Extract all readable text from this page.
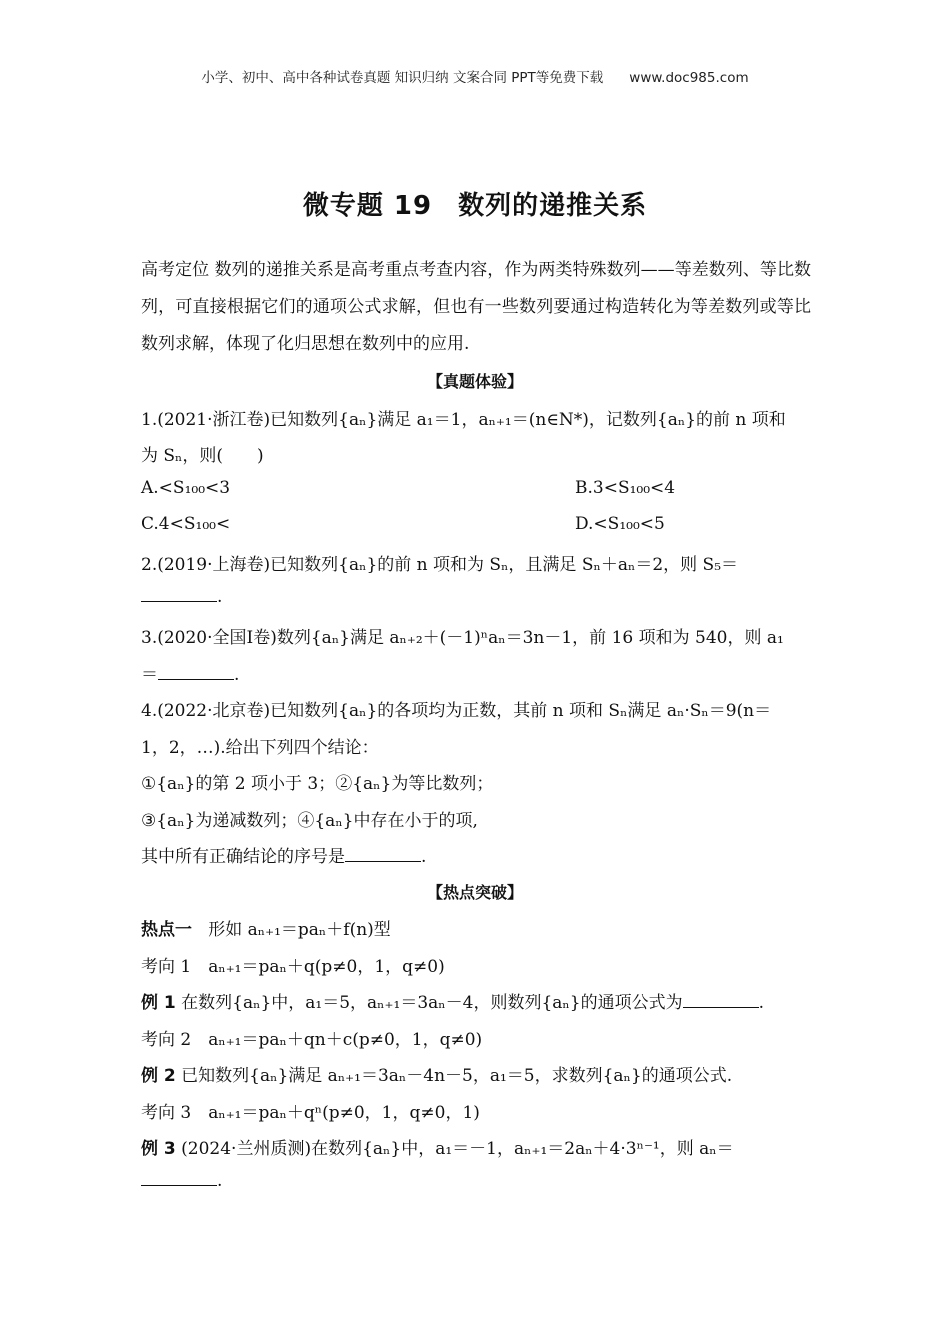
小学、初中、高中各种试卷真题 知识归纳 文案合同 PPT等免费下载 www.doc985.com
微专题 19 数列的递推关系

高考定位 数列的递推关系是高考重点考查内容，作为两类特殊数列——等差数列、等比数列，可直接根据它们的通项公式求解，但也有一些数列要通过构造转化为等差数列或等比数列求解，体现了化归思想在数列中的应用.

【真题体验】
1.(2021·浙江卷)已知数列{aₙ}满足 a₁＝1，aₙ₊₁＝(n∈N*)，记数列{aₙ}的前 n 项和
为 Sₙ，则(　　)
A.<S₁₀₀<3	B.3<S₁₀₀<4
C.4<S₁₀₀<	D.<S₁₀₀<5
2.(2019·上海卷)已知数列{aₙ}的前 n 项和为 Sₙ，且满足 Sₙ＋aₙ＝2，则 S₅＝
.
3.(2020·全国Ⅰ卷)数列{aₙ}满足 aₙ₊₂＋(－1)ⁿaₙ＝3n－1，前 16 项和为 540，则 a₁
＝	.
4.(2022·北京卷)已知数列{aₙ}的各项均为正数，其前 n 项和 Sₙ满足 aₙ·Sₙ＝9(n＝
1，2，…).给出下列四个结论：
①{aₙ}的第 2 项小于 3；②{aₙ}为等比数列；
③{aₙ}为递减数列；④{aₙ}中存在小于的项,
其中所有正确结论的序号是	.
【热点突破】
热点一 形如 aₙ₊₁＝paₙ＋f(n)型
考向 1　aₙ₊₁＝paₙ＋q(p≠0，1，q≠0)
例 1 在数列{aₙ}中，a₁＝5，aₙ₊₁＝3aₙ－4，则数列{aₙ}的通项公式为	.
考向 2　aₙ₊₁＝paₙ＋qn＋c(p≠0，1，q≠0)
例 2 已知数列{aₙ}满足 aₙ₊₁＝3aₙ－4n－5，a₁＝5，求数列{aₙ}的通项公式.
考向 3　aₙ₊₁＝paₙ＋qⁿ(p≠0，1，q≠0，1)
例 3 (2024·兰州质测)在数列{aₙ}中，a₁＝－1，aₙ₊₁＝2aₙ＋4·3ⁿ⁻¹，则 aₙ＝
.
